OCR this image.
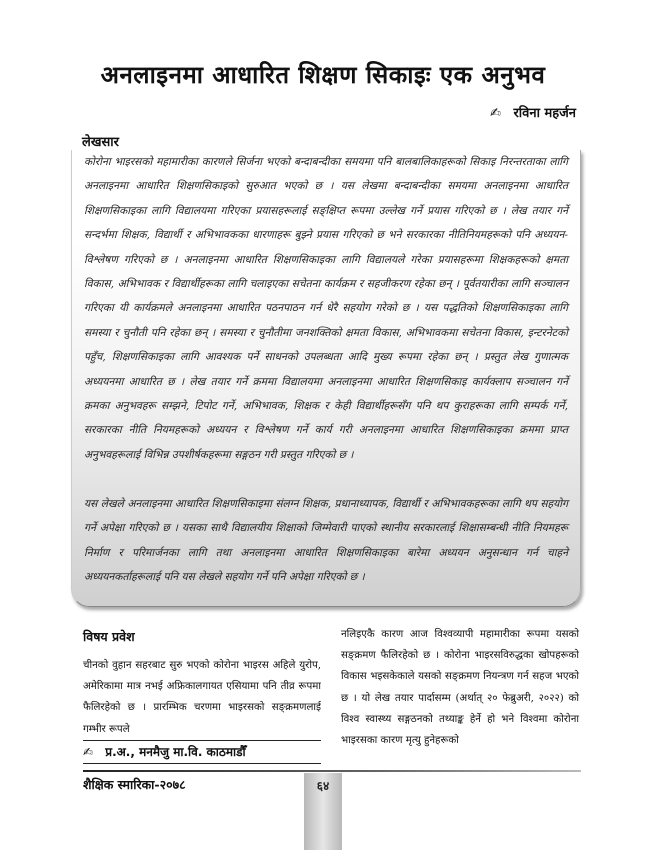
अनलाइनमा आधारित शिक्षण सिकाइः एक अनुभव
✍ रविना महर्जन
लेखसार

कोरोना भाइरसको महामारीका कारणले सिर्जना भएको बन्दाबन्दीका समयमा पनि बालबालिकाहरूको सिकाइ निरन्तरताका लागि अनलाइनमा आधारित शिक्षणसिकाइको सुरुआत भएको छ । यस लेखमा बन्दाबन्दीका समयमा अनलाइनमा आधारित शिक्षणसिकाइका लागि विद्यालयमा गरिएका प्रयासहरूलाई सङ्क्षिप्त रूपमा उल्लेख गर्ने प्रयास गरिएको छ । लेख तयार गर्ने सन्दर्भमा शिक्षक, विद्यार्थी र अभिभावकका धारणाहरू बुझ्ने प्रयास गरिएको छ भने सरकारका नीतिनियमहरूको पनि अध्ययन-विश्लेषण गरिएको छ । अनलाइनमा आधारित शिक्षणसिकाइका लागि विद्यालयले गरेका प्रयासहरूमा शिक्षकहरूको क्षमता विकास, अभिभावक र विद्यार्थीहरूका लागि चलाइएका सचेतना कार्यक्रम र सहजीकरण रहेका छन् । पूर्वतयारीका लागि सञ्चालन गरिएका यी कार्यक्रमले अनलाइनमा आधारित पठनपाठन गर्न धेरै सहयोग गरेको छ । यस पद्धतिको शिक्षणसिकाइका लागि समस्या र चुनौती पनि रहेका छन् । समस्या र चुनौतीमा जनशक्तिको क्षमता विकास, अभिभावकमा सचेतना विकास, इन्टरनेटको पहुँच, शिक्षणसिकाइका लागि आवश्यक पर्ने साधनको उपलब्धता आदि मुख्य रूपमा रहेका छन् । प्रस्तुत लेख गुणात्मक अध्ययनमा आधारित छ । लेख तयार गर्ने क्रममा विद्यालयमा अनलाइनमा आधारित शिक्षणसिकाइ कार्यक्लाप सञ्चालन गर्ने क्रमका अनुभवहरू सम्झने, टिपोट गर्ने, अभिभावक, शिक्षक र केही विद्यार्थीहरूसँग पनि थप कुराहरूका लागि सम्पर्क गर्ने, सरकारका नीति नियमहरूको अध्ययन र विश्लेषण गर्ने कार्य गरी अनलाइनमा आधारित शिक्षणसिकाइका क्रममा प्राप्त अनुभवहरूलाई विभिन्न उपशीर्षकहरूमा सङ्गठन गरी प्रस्तुत गरिएको छ ।

यस लेखले अनलाइनमा आधारित शिक्षणसिकाइमा संलग्न शिक्षक, प्रधानाध्यापक, विद्यार्थी र अभिभावकहरूका लागि थप सहयोग गर्ने अपेक्षा गरिएको छ । यसका साथै विद्यालयीय शिक्षाको जिम्मेवारी पाएको स्थानीय सरकारलाई शिक्षासम्बन्धी नीति नियमहरू निर्माण र परिमार्जनका लागि तथा अनलाइनमा आधारित शिक्षणसिकाइका बारेमा अध्ययन अनुसन्धान गर्न चाहने अध्ययनकर्ताहरूलाई पनि यस लेखले सहयोग गर्ने पनि अपेक्षा गरिएको छ ।

विषय प्रवेश

चीनको वुहान सहरबाट सुरु भएको कोरोना भाइरस अहिले युरोप, अमेरिकामा मात्र नभई अफ्रिकालगायत एसियामा पनि तीव्र रूपमा फैलिरहेको छ । प्रारम्भिक चरणमा भाइरसको सङ्क्रमणलाई गम्भीर रूपले

नलिइएकै कारण आज विश्वव्यापी महामारीका रूपमा यसको सङ्क्रमण फैलिरहेको छ । कोरोना भाइरसविरुद्धका खोपहरूको विकास भइसकेकाले यसको सङ्क्रमण नियन्त्रण गर्न सहज भएको छ । यो लेख तयार पार्दासम्म (अर्थात् २० फेब्रुअरी, २०२२) को विश्व स्वास्थ्य सङ्गठनको तथ्याङ्क हेर्ने हो भने विश्वमा कोरोना भाइरसका कारण मृत्यु हुनेहरूको

✍ प्र.अ., मनमैजु मा.वि. काठमाडौँ
शैक्षिक स्मारिका-२०७८	६४
